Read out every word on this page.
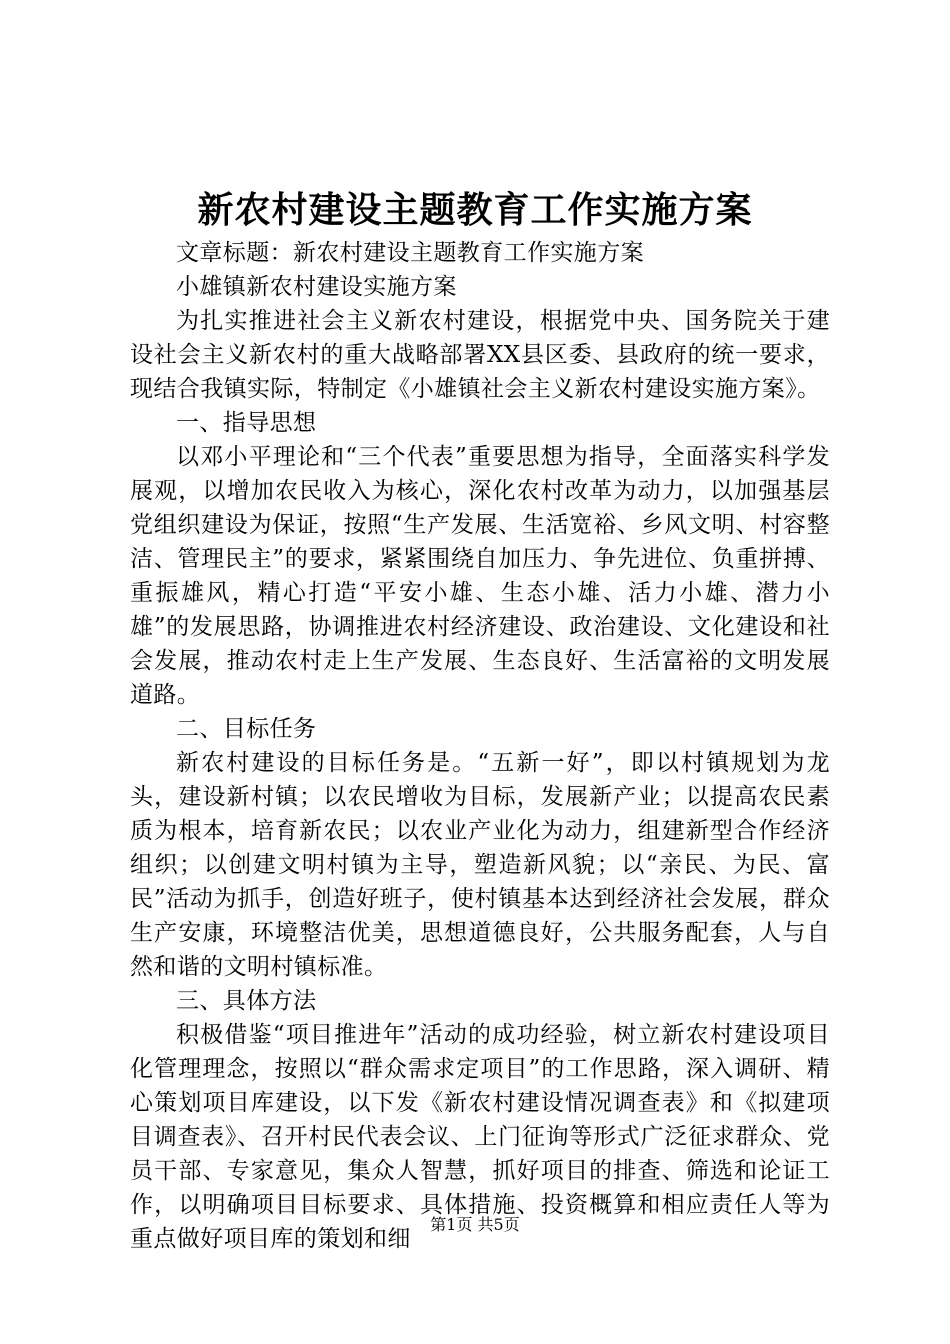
新农村建设主题教育工作实施方案

文章标题：新农村建设主题教育工作实施方案

小雄镇新农村建设实施方案

为扎实推进社会主义新农村建设，根据党中央、国务院关于建设社会主义新农村的重大战略部署XX县区委、县政府的统一要求，现结合我镇实际，特制定《小雄镇社会主义新农村建设实施方案》。

一、指导思想

以邓小平理论和“三个代表”重要思想为指导，全面落实科学发展观，以增加农民收入为核心，深化农村改革为动力，以加强基层党组织建设为保证，按照“生产发展、生活宽裕、乡风文明、村容整洁、管理民主”的要求，紧紧围绕自加压力、争先进位、负重拼搏、重振雄风，精心打造“平安小雄、生态小雄、活力小雄、潜力小雄”的发展思路，协调推进农村经济建设、政治建设、文化建设和社会发展，推动农村走上生产发展、生态良好、生活富裕的文明发展道路。

二、目标任务

新农村建设的目标任务是。“五新一好”，即以村镇规划为龙头，建设新村镇；以农民增收为目标，发展新产业；以提高农民素质为根本，培育新农民；以农业产业化为动力，组建新型合作经济组织；以创建文明村镇为主导，塑造新风貌；以“亲民、为民、富民”活动为抓手，创造好班子，使村镇基本达到经济社会发展，群众生产安康，环境整洁优美，思想道德良好，公共服务配套，人与自然和谐的文明村镇标准。

三、具体方法

积极借鉴“项目推进年”活动的成功经验，树立新农村建设项目化管理理念，按照以“群众需求定项目”的工作思路，深入调研、精心策划项目库建设，以下发《新农村建设情况调查表》和《拟建项目调查表》、召开村民代表会议、上门征询等形式广泛征求群众、党员干部、专家意见，集众人智慧，抓好项目的排查、筛选和论证工作，以明确项目目标要求、具体措施、投资概算和相应责任人等为重点做好项目库的策划和细

第1页 共5页
